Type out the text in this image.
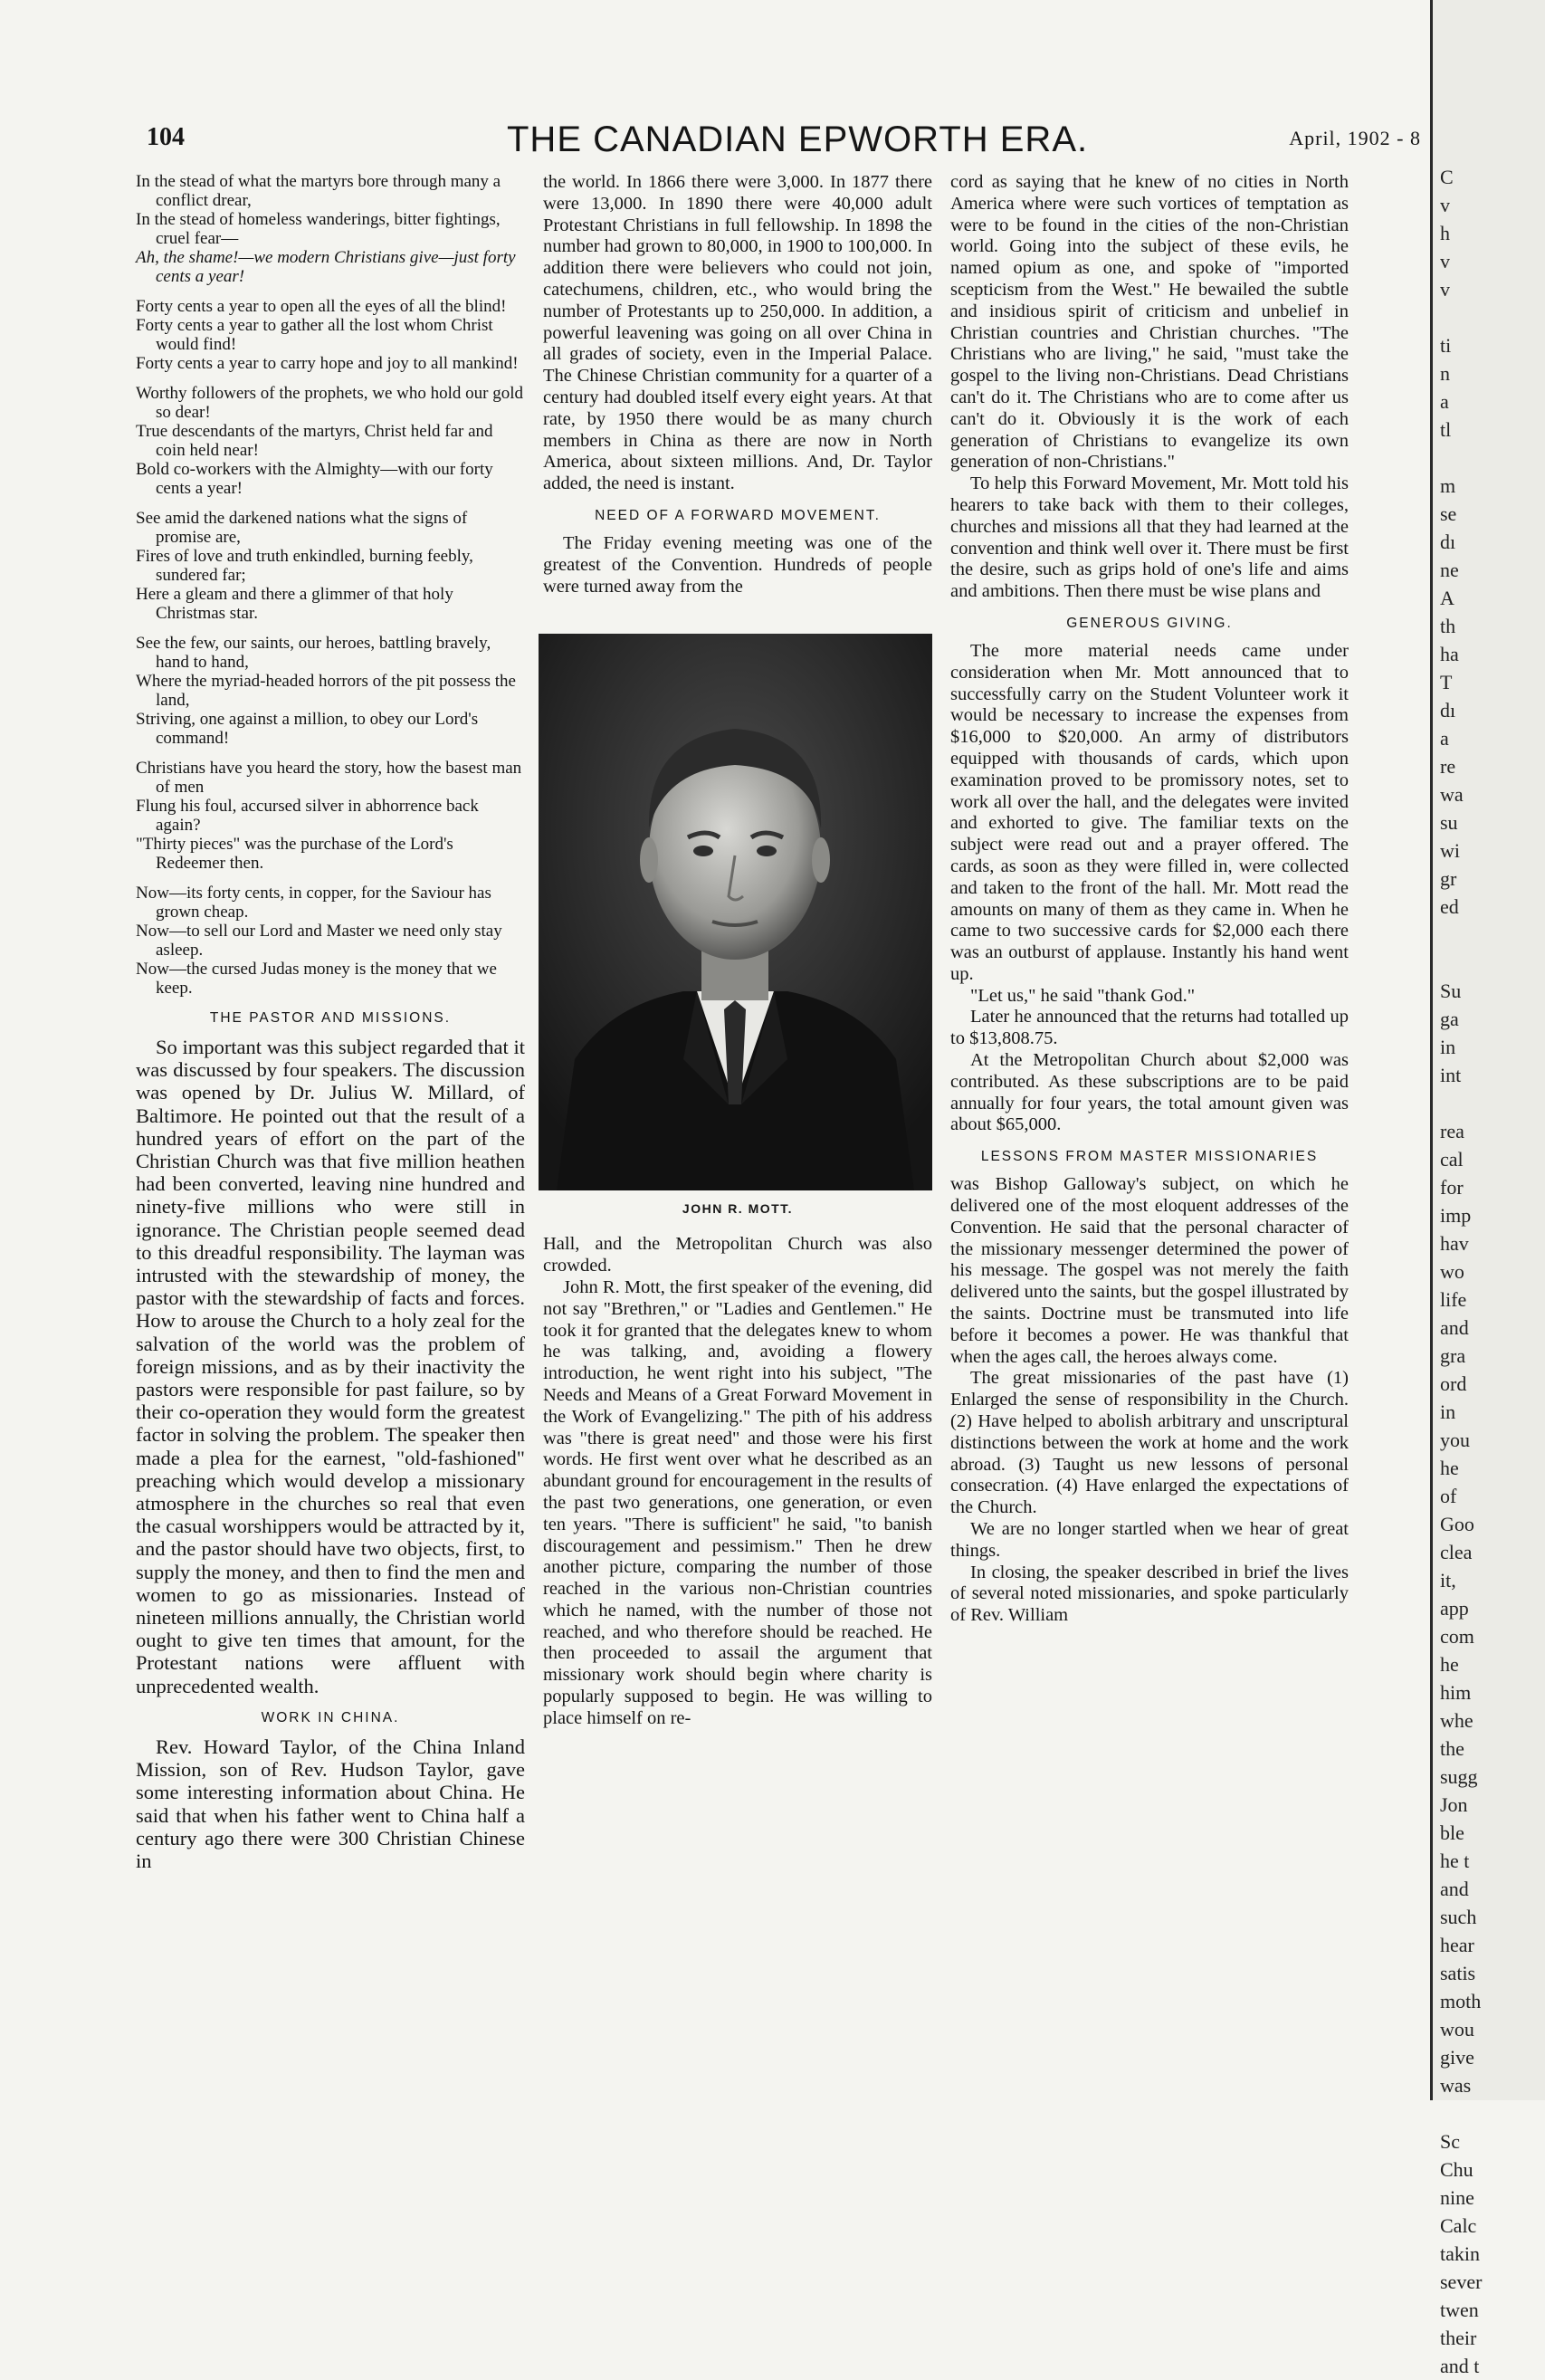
104	THE CANADIAN EPWORTH ERA.	April, 1902 - 8

In the stead of what the martyrs bore through many a conflict drear,

In the stead of homeless wanderings, bitter fightings, cruel fear—

Ah, the shame!—we modern Christians give—just forty cents a year!

Forty cents a year to open all the eyes of all the blind!

Forty cents a year to gather all the lost whom Christ would find!

Forty cents a year to carry hope and joy to all mankind!

Worthy followers of the prophets, we who hold our gold so dear!

True descendants of the martyrs, Christ held far and coin held near!

Bold co-workers with the Almighty—with our forty cents a year!

See amid the darkened nations what the signs of promise are,

Fires of love and truth enkindled, burning feebly, sundered far;

Here a gleam and there a glimmer of that holy Christmas star.

See the few, our saints, our heroes, battling bravely, hand to hand,

Where the myriad-headed horrors of the pit possess the land,

Striving, one against a million, to obey our Lord's command!

Christians have you heard the story, how the basest man of men

Flung his foul, accursed silver in abhorrence back again?

"Thirty pieces" was the purchase of the Lord's Redeemer then.

Now—its forty cents, in copper, for the Saviour has grown cheap.

Now—to sell our Lord and Master we need only stay asleep.

Now—the cursed Judas money is the money that we keep.

THE PASTOR AND MISSIONS.

So important was this subject regarded that it was discussed by four speakers. The discussion was opened by Dr. Julius W. Millard, of Baltimore. He pointed out that the result of a hundred years of effort on the part of the Christian Church was that five million heathen had been converted, leaving nine hundred and ninety-five millions who were still in ignorance. The Christian people seemed dead to this dreadful responsibility. The layman was intrusted with the stewardship of money, the pastor with the stewardship of facts and forces. How to arouse the Church to a holy zeal for the salvation of the world was the problem of foreign missions, and as by their inactivity the pastors were responsible for past failure, so by their co-operation they would form the greatest factor in solving the problem. The speaker then made a plea for the earnest, "old-fashioned" preaching which would develop a missionary atmosphere in the churches so real that even the casual worshippers would be attracted by it, and the pastor should have two objects, first, to supply the money, and then to find the men and women to go as missionaries. Instead of nineteen millions annually, the Christian world ought to give ten times that amount, for the Protestant nations were affluent with unprecedented wealth.

WORK IN CHINA.

Rev. Howard Taylor, of the China Inland Mission, son of Rev. Hudson Taylor, gave some interesting information about China. He said that when his father went to China half a century ago there were 300 Christian Chinese in

the world. In 1866 there were 3,000. In 1877 there were 13,000. In 1890 there were 40,000 adult Protestant Christians in full fellowship. In 1898 the number had grown to 80,000, in 1900 to 100,000. In addition there were believers who could not join, catechumens, children, etc., who would bring the number of Protestants up to 250,000. In addition, a powerful leavening was going on all over China in all grades of society, even in the Imperial Palace. The Chinese Christian community for a quarter of a century had doubled itself every eight years. At that rate, by 1950 there would be as many church members in China as there are now in North America, about sixteen millions. And, Dr. Taylor added, the need is instant.

NEED OF A FORWARD MOVEMENT.

The Friday evening meeting was one of the greatest of the Convention. Hundreds of people were turned away from the

JOHN R. MOTT.

Hall, and the Metropolitan Church was also crowded.

John R. Mott, the first speaker of the evening, did not say "Brethren," or "Ladies and Gentlemen." He took it for granted that the delegates knew to whom he was talking, and, avoiding a flowery introduction, he went right into his subject, "The Needs and Means of a Great Forward Movement in the Work of Evangelizing." The pith of his address was "there is great need" and those were his first words. He first went over what he described as an abundant ground for encouragement in the results of the past two generations, one generation, or even ten years. "There is sufficient" he said, "to banish discouragement and pessimism." Then he drew another picture, comparing the number of those reached in the various non-Christian countries which he named, with the number of those not reached, and who therefore should be reached. He then proceeded to assail the argument that missionary work should begin where charity is popularly supposed to begin. He was willing to place himself on re-

cord as saying that he knew of no cities in North America where were such vortices of temptation as were to be found in the cities of the non-Christian world. Going into the subject of these evils, he named opium as one, and spoke of "imported scepticism from the West." He bewailed the subtle and insidious spirit of criticism and unbelief in Christian countries and Christian churches. "The Christians who are living," he said, "must take the gospel to the living non-Christians. Dead Christians can't do it. The Christians who are to come after us can't do it. Obviously it is the work of each generation of Christians to evangelize its own generation of non-Christians."

To help this Forward Movement, Mr. Mott told his hearers to take back with them to their colleges, churches and missions all that they had learned at the convention and think well over it. There must be first the desire, such as grips hold of one's life and aims and ambitions. Then there must be wise plans and

GENEROUS GIVING.

The more material needs came under consideration when Mr. Mott announced that to successfully carry on the Student Volunteer work it would be necessary to increase the expenses from $16,000 to $20,000. An army of distributors equipped with thousands of cards, which upon examination proved to be promissory notes, set to work all over the hall, and the delegates were invited and exhorted to give. The familiar texts on the subject were read out and a prayer offered. The cards, as soon as they were filled in, were collected and taken to the front of the hall. Mr. Mott read the amounts on many of them as they came in. When he came to two successive cards for $2,000 each there was an outburst of applause. Instantly his hand went up.

"Let us," he said "thank God."

Later he announced that the returns had totalled up to $13,808.75.

At the Metropolitan Church about $2,000 was contributed. As these subscriptions are to be paid annually for four years, the total amount given was about $65,000.

LESSONS FROM MASTER MISSIONARIES

was Bishop Galloway's subject, on which he delivered one of the most eloquent addresses of the Convention. He said that the personal character of the missionary messenger determined the power of his message. The gospel was not merely the faith delivered unto the saints, but the gospel illustrated by the saints. Doctrine must be transmuted into life before it becomes a power. He was thankful that when the ages call, the heroes always come.

The great missionaries of the past have (1) Enlarged the sense of responsibility in the Church. (2) Have helped to abolish arbitrary and unscriptural distinctions between the work at home and the work abroad. (3) Taught us new lessons of personal consecration. (4) Have enlarged the expectations of the Church.

We are no longer startled when we hear of great things.

In closing, the speaker described in brief the lives of several noted missionaries, and spoke particularly of Rev. William

C
v
h
v
v

ti
n
a
tl

m
se
dı
ne
A
th
ha
T
dı
a
re
wa
su
wi
gr
ed

Su
ga
in
int

rea
cal
for
imp
hav
wo
life
and
gra
ord
in
you
he
of
Goo
clea
it,
app
com
he
him
whe
the
sugg
Jon
ble
he t
and
such
hear
satis
moth
wou
give
was

Sc
Chu
nine
Calc
takin
sever
twen
their
and t
